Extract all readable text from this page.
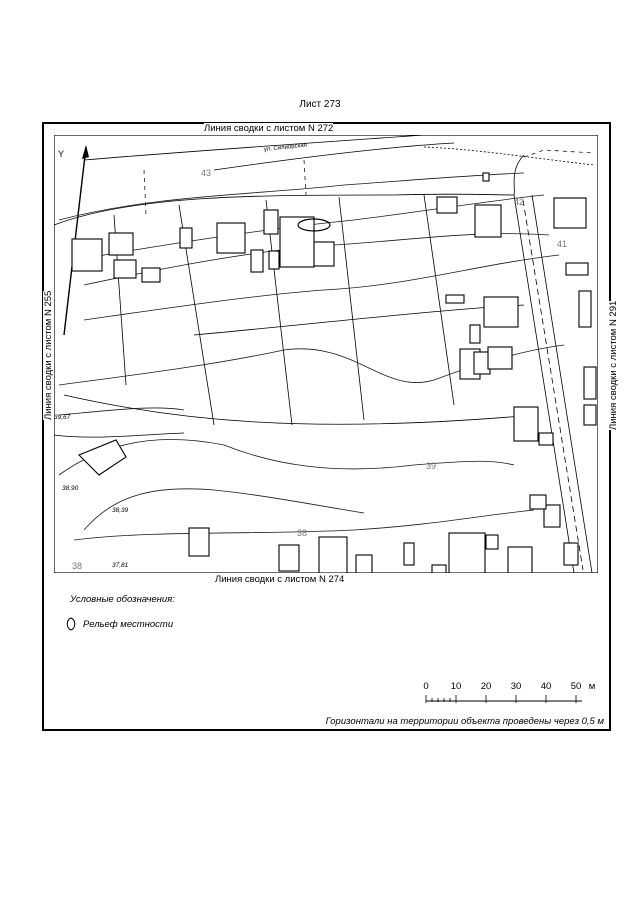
Лист 273
Y
ул. Силиорская
43
42
41
39
38
38
39,67
38,90
38,39
37,81
Линия сводки с листом N 272
Линия сводки с листом N 274
Линия сводки с листом N 255	Линия сводки с листом N 291
Условные обозначения:
Рельеф местности
0 10 20 30 40 50 м
Горизонтали на территории объекта проведены через 0,5 м
